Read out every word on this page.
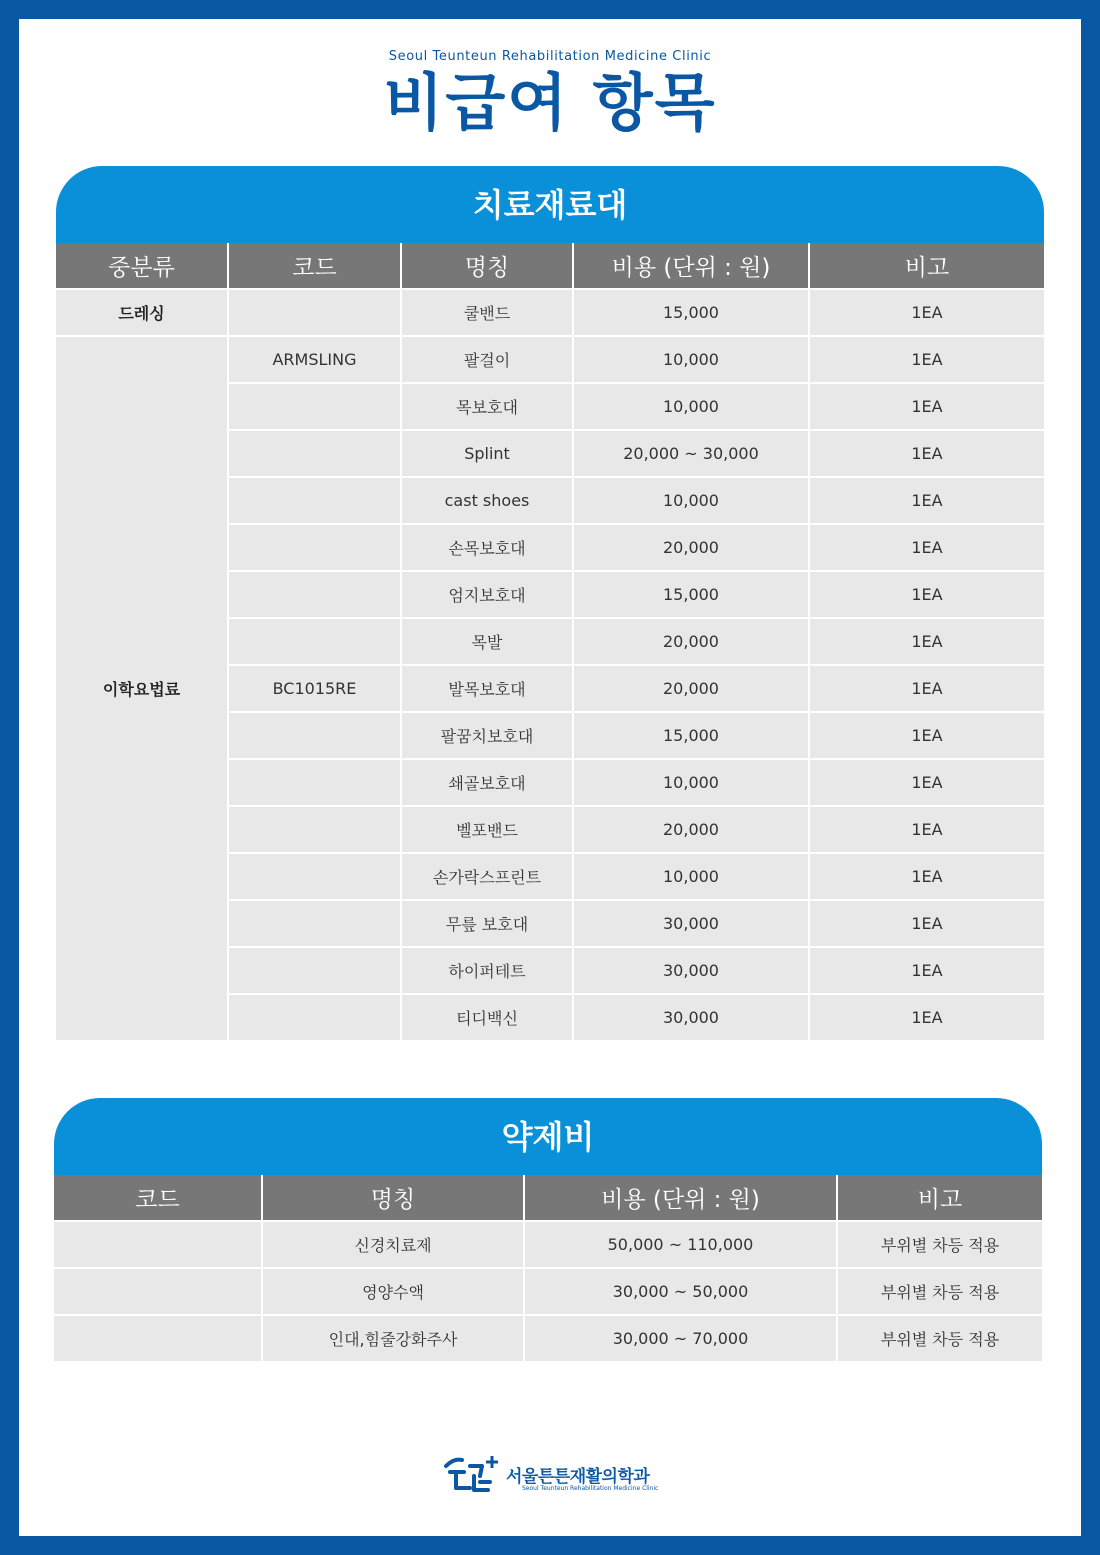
Seoul Teunteun Rehabilitation Medicine Clinic
비급여 항목
치료재료대
중분류	코드	명칭	비용 (단위 : 원)	비고
드레싱		쿨밴드	15,000	1EA
이학요법료	ARMSLING	팔걸이	10,000	1EA
		목보호대	10,000	1EA
		Splint	20,000 ~ 30,000	1EA
		cast shoes	10,000	1EA
		손목보호대	20,000	1EA
		엄지보호대	15,000	1EA
		목발	20,000	1EA
	BC1015RE	발목보호대	20,000	1EA
		팔꿈치보호대	15,000	1EA
		쇄골보호대	10,000	1EA
		벨포밴드	20,000	1EA
		손가락스프린트	10,000	1EA
		무릎 보호대	30,000	1EA
		하이퍼테트	30,000	1EA
		티디백신	30,000	1EA
약제비
코드	명칭	비용 (단위 : 원)	비고
	신경치료제	50,000 ~ 110,000	부위별 차등 적용
	영양수액	30,000 ~ 50,000	부위별 차등 적용
	인대,힘줄강화주사	30,000 ~ 70,000	부위별 차등 적용
서울튼튼재활의학과
Seoul Teunteun Rehabilitation Medicine Clinic
